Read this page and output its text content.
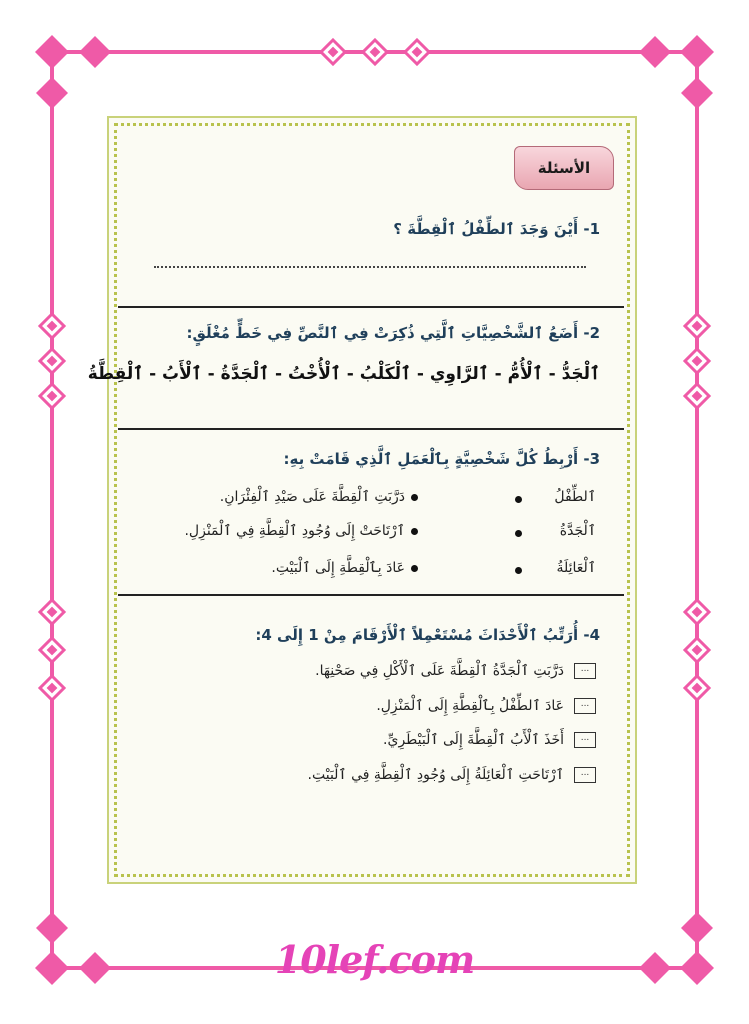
الأسئلة
1- أَيْنَ وَجَدَ ٱلطِّفْلُ ٱلْقِطَّةَ ؟
2- أَضَعُ ٱلشَّخْصِيَّاتِ ٱلَّتِي ذُكِرَتْ فِي ٱلنَّصِّ فِي خَطٍّ مُغْلَقٍ:
ٱلْجَدُّ - ٱلْأُمُّ - ٱلرَّاوِي - ٱلْكَلْبُ - ٱلْأُخْتُ - ٱلْجَدَّةُ - ٱلْأَبُ - ٱلْقِطَّةُ
3- أَرْبِطُ كُلَّ شَخْصِيَّةٍ بِٱلْعَمَلِ ٱلَّذِي قَامَتْ بِهِ:
ٱلطِّفْلُ
ٱلْجَدَّةُ
ٱلْعَائِلَةُ
دَرَّبَتِ ٱلْقِطَّةَ عَلَى صَيْدِ ٱلْفِئْرَانِ.
ٱرْتَاحَتْ إِلَى وُجُودِ ٱلْقِطَّةِ فِي ٱلْمَنْزِلِ.
عَادَ بِٱلْقِطَّةِ إِلَى ٱلْبَيْتِ.
4- أُرَتِّبُ ٱلْأَحْدَاثَ مُسْتَعْمِلاً ٱلْأَرْقَامَ مِنْ 1 إِلَى 4:
...دَرَّبَتِ ٱلْجَدَّةُ ٱلْقِطَّةَ عَلَى ٱلْأَكْلِ فِي صَحْنِهَا.
...عَادَ ٱلطِّفْلُ بِٱلْقِطَّةِ إِلَى ٱلْمَنْزِلِ.
...أَخَذَ ٱلْأَبُ ٱلْقِطَّةَ إِلَى ٱلْبَيْطَرِيِّ.
...ٱرْتَاحَتِ ٱلْعَائِلَةُ إِلَى وُجُودِ ٱلْقِطَّةِ فِي ٱلْبَيْتِ.
10lef.com
